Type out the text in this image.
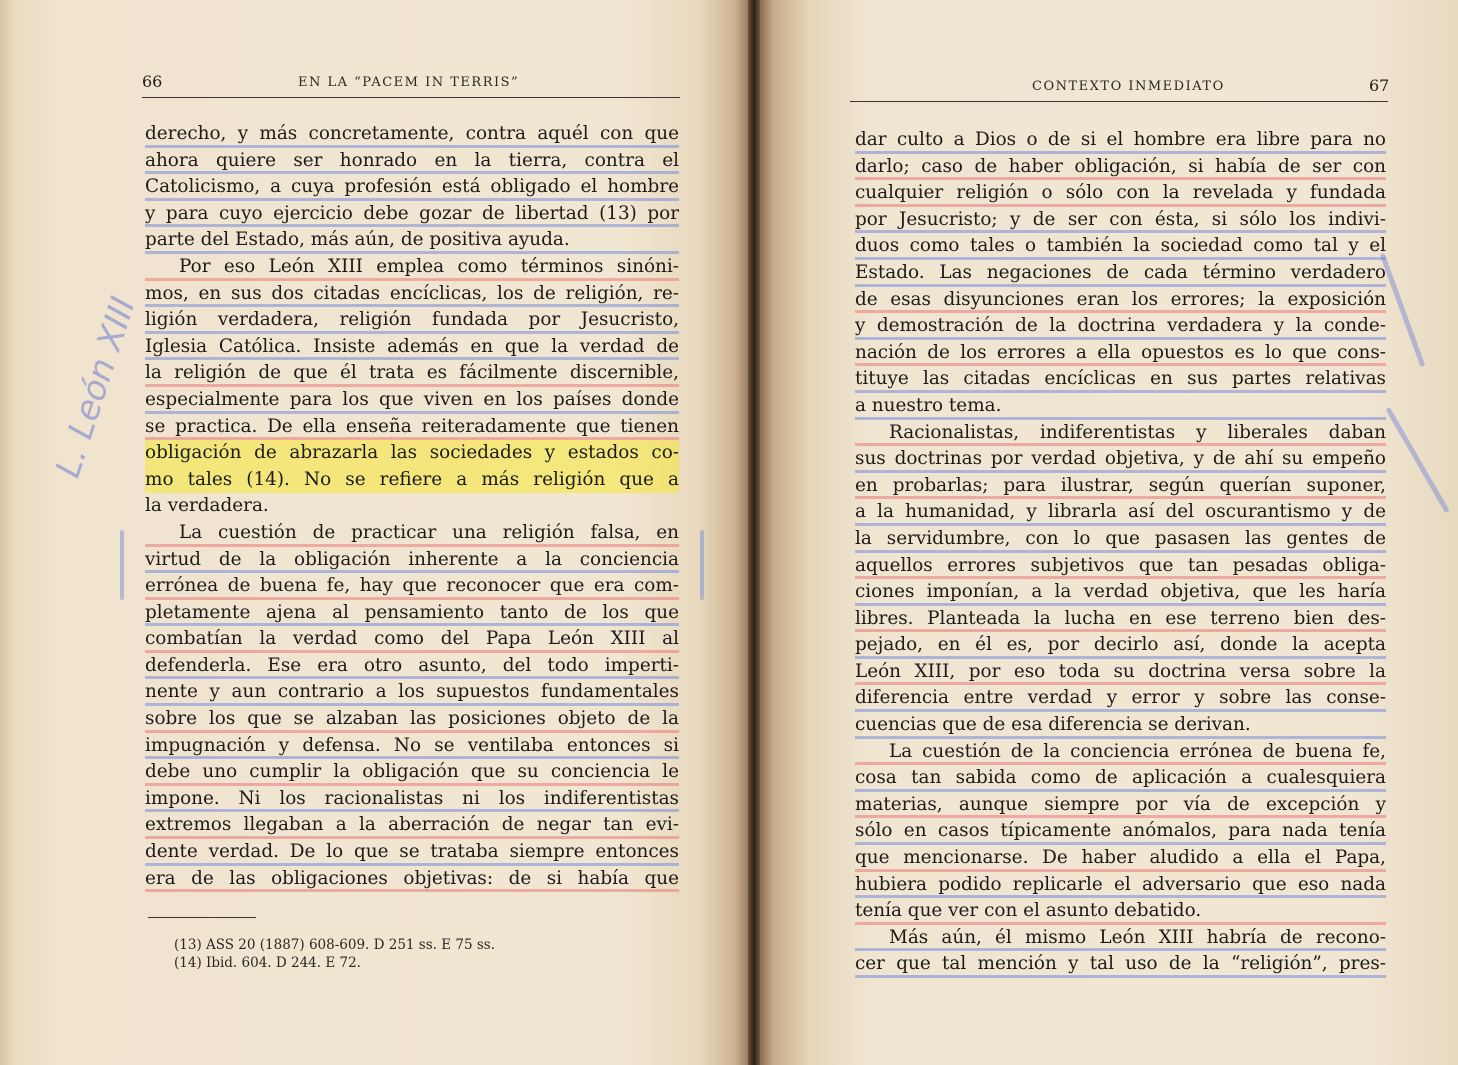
66	EN LA “PACEM IN TERRIS”
derecho, y más concretamente, contra aquél con que
ahora quiere ser honrado en la tierra, contra el
Catolicismo, a cuya profesión está obligado el hombre
y para cuyo ejercicio debe gozar de libertad (13) por
parte del Estado, más aún, de positiva ayuda.
Por eso León XIII emplea como términos sinóni-
mos, en sus dos citadas encíclicas, los de religión, re-
ligión verdadera, religión fundada por Jesucristo,
Iglesia Católica. Insiste además en que la verdad de
la religión de que él trata es fácilmente discernible,
especialmente para los que viven en los países donde
se practica. De ella enseña reiteradamente que tienen
obligación de abrazarla las sociedades y estados co-
mo tales (14). No se refiere a más religión que a
la verdadera.
La cuestión de practicar una religión falsa, en
virtud de la obligación inherente a la conciencia
errónea de buena fe, hay que reconocer que era com-
pletamente ajena al pensamiento tanto de los que
combatían la verdad como del Papa León XIII al
defenderla. Ese era otro asunto, del todo imperti-
nente y aun contrario a los supuestos fundamentales
sobre los que se alzaban las posiciones objeto de la
impugnación y defensa. No se ventilaba entonces si
debe uno cumplir la obligación que su conciencia le
impone. Ni los racionalistas ni los indiferentistas
extremos llegaban a la aberración de negar tan evi-
dente verdad. De lo que se trataba siempre entonces
era de las obligaciones objetivas: de si había que
(13) ASS 20 (1887) 608-609. D 251 ss. E 75 ss.
(14) Ibid. 604. D 244. E 72.
L. León XIII
CONTEXTO INMEDIATO	67
dar culto a Dios o de si el hombre era libre para no
darlo; caso de haber obligación, si había de ser con
cualquier religión o sólo con la revelada y fundada
por Jesucristo; y de ser con ésta, si sólo los indivi-
duos como tales o también la sociedad como tal y el
Estado. Las negaciones de cada término verdadero
de esas disyunciones eran los errores; la exposición
y demostración de la doctrina verdadera y la conde-
nación de los errores a ella opuestos es lo que cons-
tituye las citadas encíclicas en sus partes relativas
a nuestro tema.
Racionalistas, indiferentistas y liberales daban
sus doctrinas por verdad objetiva, y de ahí su empeño
en probarlas; para ilustrar, según querían suponer,
a la humanidad, y librarla así del oscurantismo y de
la servidumbre, con lo que pasasen las gentes de
aquellos errores subjetivos que tan pesadas obliga-
ciones imponían, a la verdad objetiva, que les haría
libres. Planteada la lucha en ese terreno bien des-
pejado, en él es, por decirlo así, donde la acepta
León XIII, por eso toda su doctrina versa sobre la
diferencia entre verdad y error y sobre las conse-
cuencias que de esa diferencia se derivan.
La cuestión de la conciencia errónea de buena fe,
cosa tan sabida como de aplicación a cualesquiera
materias, aunque siempre por vía de excepción y
sólo en casos típicamente anómalos, para nada tenía
que mencionarse. De haber aludido a ella el Papa,
hubiera podido replicarle el adversario que eso nada
tenía que ver con el asunto debatido.
Más aún, él mismo León XIII habría de recono-
cer que tal mención y tal uso de la “religión”, pres-
